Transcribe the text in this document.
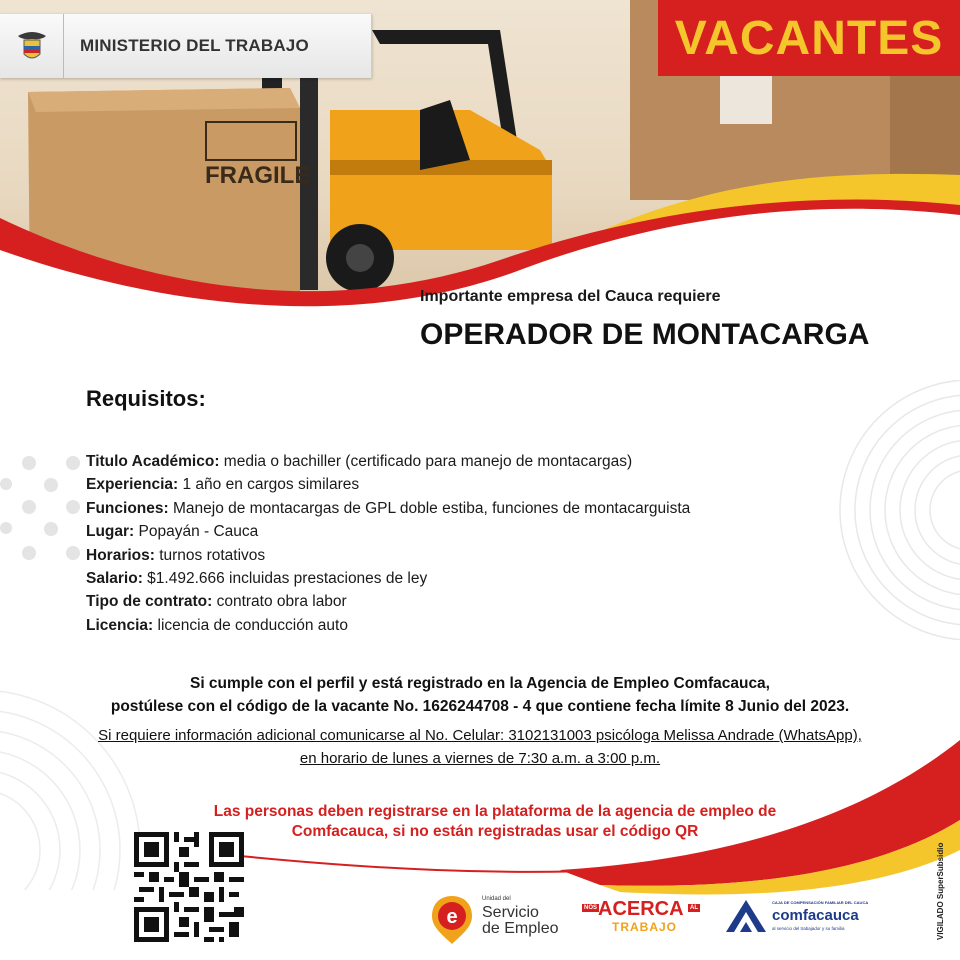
FRAGILE
MINISTERIO DEL TRABAJO	VACANTES
Importante empresa del Cauca requiere
OPERADOR DE MONTACARGA
Requisitos:
Titulo Académico: media o bachiller (certificado para manejo de montacargas)
Experiencia: 1 año en cargos similares
Funciones: Manejo de montacargas de GPL doble estiba, funciones de montacarguista
Lugar: Popayán - Cauca
Horarios: turnos rotativos
Salario: $1.492.666 incluidas prestaciones de ley
Tipo de contrato: contrato obra labor
Licencia: licencia de conducción auto
Si cumple con el perfil y está registrado en la Agencia de Empleo Comfacauca,
postúlese con el código de la vacante No. 1626244708 - 4 que contiene fecha límite 8 Junio del 2023.
Si requiere información adicional comunicarse al No. Celular: 3102131003 psicóloga Melissa Andrade (WhatsApp),
en horario de lunes a viernes de 7:30 a.m. a 3:00 p.m.
Las personas deben registrarse en la plataforma de la agencia de empleo de
Comfacauca, si no están registradas usar el código QR
e
Unidad del
Servicio
de Empleo
NOS ACERCA	AL
TRABAJO
CAJA DE COMPENSACIÓN FAMILIAR DEL CAUCA
comfacauca
al servicio del trabajador y su familia	VIGILADO SuperSubsidio
